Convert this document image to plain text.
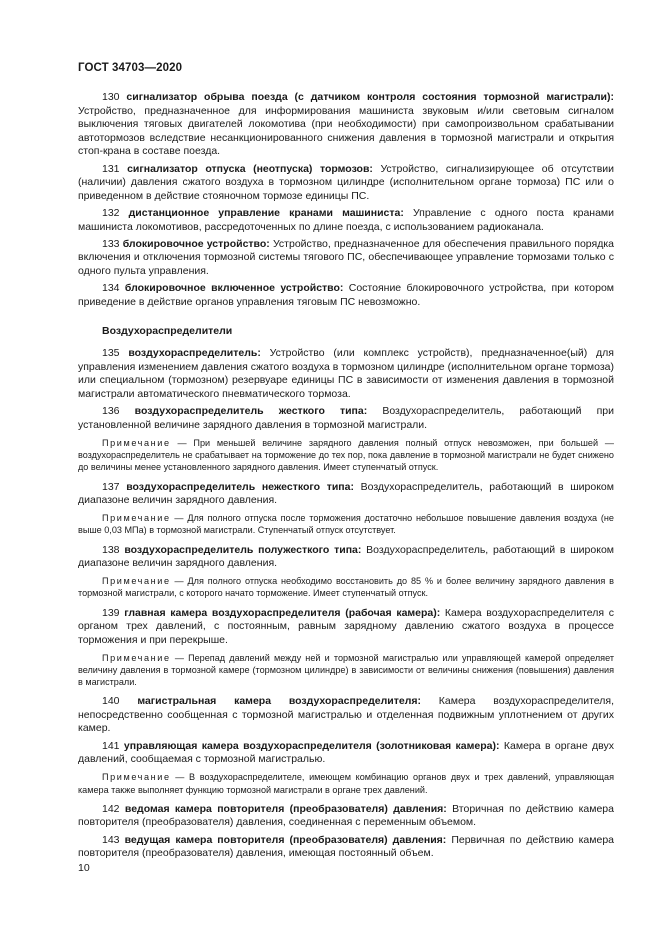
ГОСТ 34703—2020

130 сигнализатор обрыва поезда (с датчиком контроля состояния тормозной магистрали): Устройство, предназначенное для информирования машиниста звуковым и/или световым сигналом выключения тяговых двигателей локомотива (при необходимости) при самопроизвольном срабатывании автотормозов вследствие несанкционированного снижения давления в тормозной магистрали и открытия стоп-крана в составе поезда.

131 сигнализатор отпуска (неотпуска) тормозов: Устройство, сигнализирующее об отсутствии (наличии) давления сжатого воздуха в тормозном цилиндре (исполнительном органе тормоза) ПС или о приведенном в действие стояночном тормозе единицы ПС.

132 дистанционное управление кранами машиниста: Управление с одного поста кранами машиниста локомотивов, рассредоточенных по длине поезда, с использованием радиоканала.

133 блокировочное устройство: Устройство, предназначенное для обеспечения правильного порядка включения и отключения тормозной системы тягового ПС, обеспечивающее управление тормозами только с одного пульта управления.

134 блокировочное включенное устройство: Состояние блокировочного устройства, при котором приведение в действие органов управления тяговым ПС невозможно.

Воздухораспределители

135 воздухораспределитель: Устройство (или комплекс устройств), предназначенное(ый) для управления изменением давления сжатого воздуха в тормозном цилиндре (исполнительном органе тормоза) или специальном (тормозном) резервуаре единицы ПС в зависимости от изменения давления в тормозной магистрали автоматического пневматического тормоза.

136 воздухораспределитель жесткого типа: Воздухораспределитель, работающий при установленной величине зарядного давления в тормозной магистрали.

Примечание — При меньшей величине зарядного давления полный отпуск невозможен, при большей — воздухораспределитель не срабатывает на торможение до тех пор, пока давление в тормозной магистрали не будет снижено до величины менее установленного зарядного давления. Имеет ступенчатый отпуск.

137 воздухораспределитель нежесткого типа: Воздухораспределитель, работающий в широком диапазоне величин зарядного давления.

Примечание — Для полного отпуска после торможения достаточно небольшое повышение давления воздуха (не выше 0,03 МПа) в тормозной магистрали. Ступенчатый отпуск отсутствует.

138 воздухораспределитель полужесткого типа: Воздухораспределитель, работающий в широком диапазоне величин зарядного давления.

Примечание — Для полного отпуска необходимо восстановить до 85 % и более величину зарядного давления в тормозной магистрали, с которого начато торможение. Имеет ступенчатый отпуск.

139 главная камера воздухораспределителя (рабочая камера): Камера воздухораспределителя с органом трех давлений, с постоянным, равным зарядному давлению сжатого воздуха в процессе торможения и при перекрыше.

Примечание — Перепад давлений между ней и тормозной магистралью или управляющей камерой определяет величину давления в тормозной камере (тормозном цилиндре) в зависимости от величины снижения (повышения) давления в магистрали.

140 магистральная камера воздухораспределителя: Камера воздухораспределителя, непосредственно сообщенная с тормозной магистралью и отделенная подвижным уплотнением от других камер.

141 управляющая камера воздухораспределителя (золотниковая камера): Камера в органе двух давлений, сообщаемая с тормозной магистралью.

Примечание — В воздухораспределителе, имеющем комбинацию органов двух и трех давлений, управляющая камера также выполняет функцию тормозной магистрали в органе трех давлений.

142 ведомая камера повторителя (преобразователя) давления: Вторичная по действию камера повторителя (преобразователя) давления, соединенная с переменным объемом.

143 ведущая камера повторителя (преобразователя) давления: Первичная по действию камера повторителя (преобразователя) давления, имеющая постоянный объем.

10
